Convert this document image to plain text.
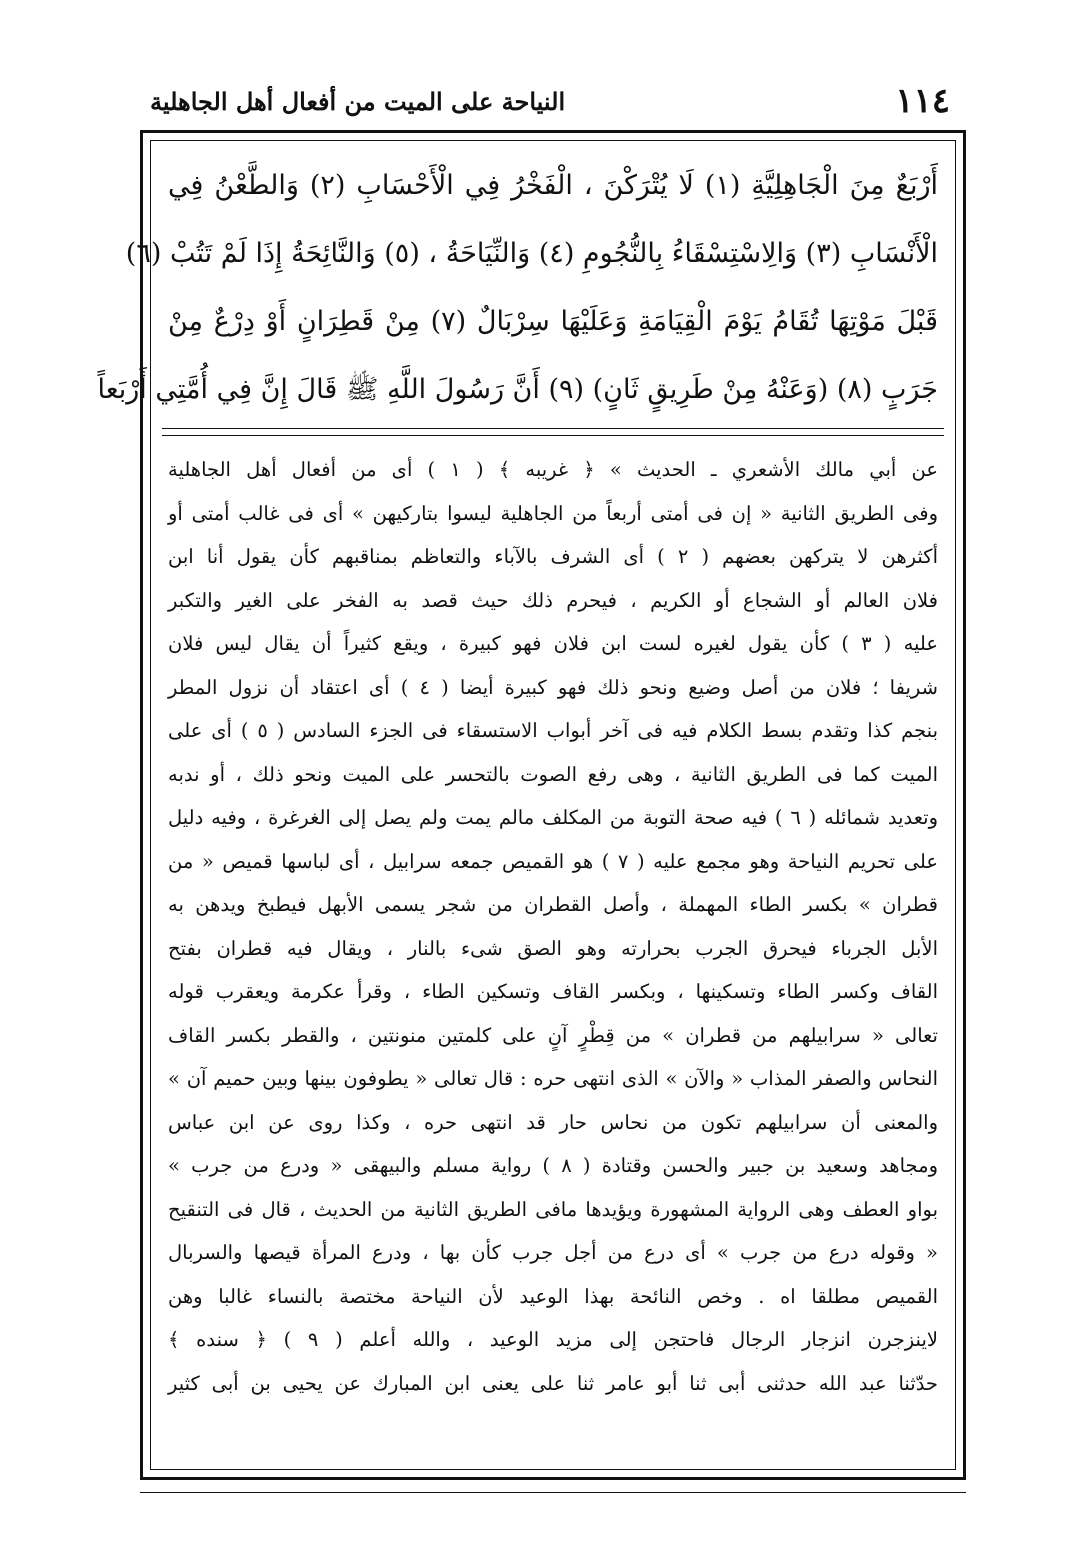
النياحة على الميت من أفعال أهل الجاهلية	١١٤
أَرْبَعٌ مِنَ الْجَاهِلِيَّةِ (١) لَا يُتْرَكْنَ ، الْفَخْرُ فِي الْأَحْسَابِ (٢) وَالطَّعْنُ فِي
الْأَنْسَابِ (٣) وَالِاسْتِسْقَاءُ بِالنُّجُومِ (٤) وَالنِّيَاحَةُ ، (٥) وَالنَّائِحَةُ إِذَا لَمْ تَتُبْ (٦)
قَبْلَ مَوْتِهَا تُقَامُ يَوْمَ الْقِيَامَةِ وَعَلَيْهَا سِرْبَالٌ (٧) مِنْ قَطِرَانٍ أَوْ دِرْعٌ مِنْ
جَرَبٍ (٨) (وَعَنْهُ مِنْ طَرِيقٍ ثَانٍ) (٩) أَنَّ رَسُولَ اللَّهِ ﷺ قَالَ إِنَّ فِي أُمَّتِي أَرْبَعاً
عن أبي مالك الأشعري ـ الحديث » ﴿ غريبه ﴾ ( ١ ) أى من أفعال أهل الجاهلية
وفى الطريق الثانية « إن فى أمتى أربعاً من الجاهلية ليسوا بتاركيهن » أى فى غالب أمتى أو
أكثرهن لا يتركهن بعضهم ( ٢ ) أى الشرف بالآباء والتعاظم بمناقبهم كأن يقول أنا ابن
فلان العالم أو الشجاع أو الكريم ، فيحرم ذلك حيث قصد به الفخر على الغير والتكبر
عليه ( ٣ ) كأن يقول لغيره لست ابن فلان فهو كبيرة ، ويقع كثيراً أن يقال ليس فلان
شريفا ؛ فلان من أصل وضيع ونحو ذلك فهو كبيرة أيضا ( ٤ ) أى اعتقاد أن نزول المطر
بنجم كذا وتقدم بسط الكلام فيه فى آخر أبواب الاستسقاء فى الجزء السادس ( ٥ ) أى على
الميت كما فى الطريق الثانية ، وهى رفع الصوت بالتحسر على الميت ونحو ذلك ، أو ندبه
وتعديد شمائله ( ٦ ) فيه صحة التوبة من المكلف مالم يمت ولم يصل إلى الغرغرة ، وفيه دليل
على تحريم النياحة وهو مجمع عليه ( ٧ ) هو القميص جمعه سرابيل ، أى لباسها قميص « من
قطران » بكسر الطاء المهملة ، وأصل القطران من شجر يسمى الأبهل فيطبخ ويدهن به
الأبل الجرباء فيحرق الجرب بحرارته وهو الصق شىء بالنار ، ويقال فيه قطران بفتح
القاف وكسر الطاء وتسكينها ، وبكسر القاف وتسكين الطاء ، وقرأ عكرمة ويعقرب قوله
تعالى « سرابيلهم من قطران » من قِطْرٍ آنٍ على كلمتين منونتين ، والقطر بكسر القاف
النحاس والصفر المذاب « والآن » الذى انتهى حره : قال تعالى « يطوفون بينها وبين حميم آن »
والمعنى أن سرابيلهم تكون من نحاس حار قد انتهى حره ، وكذا روى عن ابن عباس
ومجاهد وسعيد بن جبير والحسن وقتادة ( ٨ ) رواية مسلم والبيهقى « ودرع من جرب »
بواو العطف وهى الرواية المشهورة ويؤيدها مافى الطريق الثانية من الحديث ، قال فى التنقيح
« وقوله درع من جرب » أى درع من أجل جرب كأن بها ، ودرع المرأة قيصها والسربال
القميص مطلقا اه . وخص النائحة بهذا الوعيد لأن النياحة مختصة بالنساء غالبا وهن
لاينزجرن انزجار الرجال فاحتجن إلى مزيد الوعيد ، والله أعلم ( ٩ ) ﴿ سنده ﴾
حدّثنا عبد الله حدثنى أبى ثنا أبو عامر ثنا على يعنى ابن المبارك عن يحيى بن أبى كثير
